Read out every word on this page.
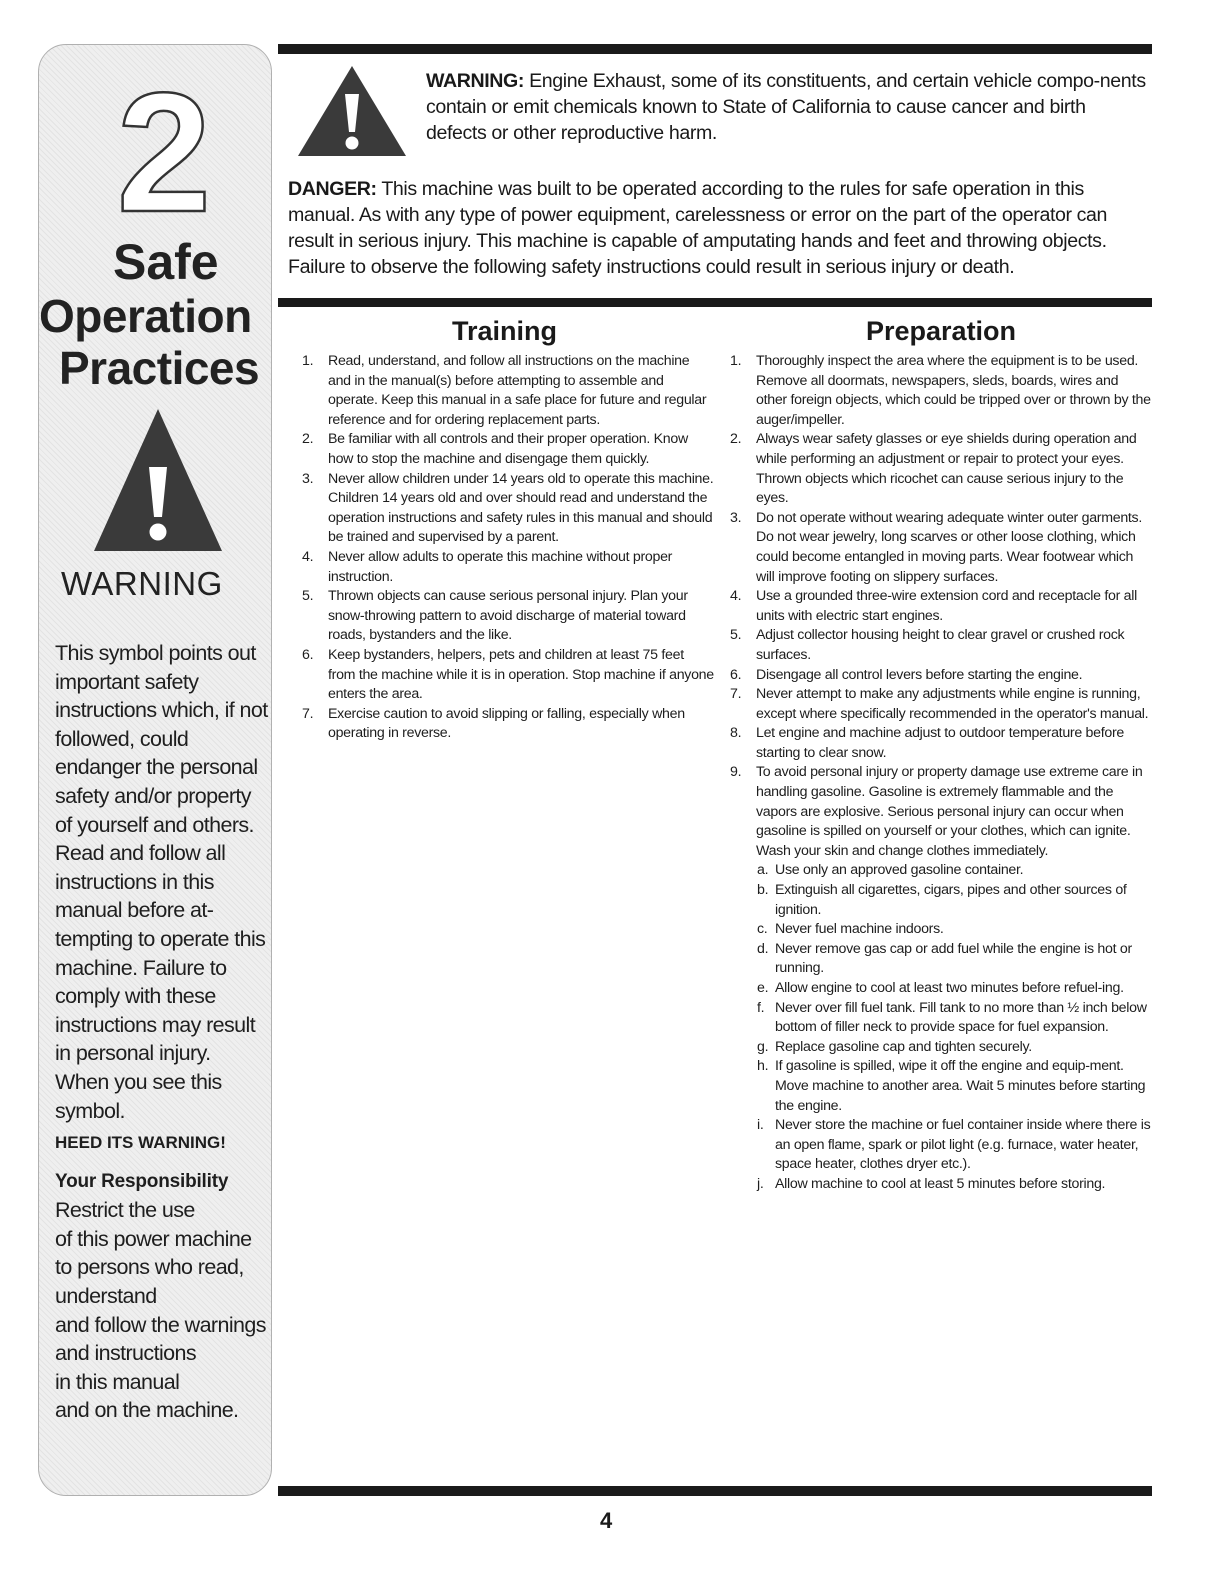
2
Safe
Operation
Practices
WARNING

This symbol points out important safety instructions which, if not followed, could endanger the personal safety and/or property of yourself and others. Read and follow all instructions in this manual before at-tempting to operate this machine. Failure to comply with these instructions may result in personal injury. When you see this symbol.

HEED ITS WARNING!

Your Responsibility

Restrict the use
of this power machine
to persons who read,
understand
and follow the warnings
and instructions
in this manual
and on the machine.

WARNING: Engine Exhaust, some of its constituents, and certain vehicle compo-nents contain or emit chemicals known to State of California to cause cancer and birth defects or other reproductive harm.
DANGER: This machine was built to be operated according to the rules for safe operation in this manual. As with any type of power equipment, carelessness or error on the part of the operator can result in serious injury. This machine is capable of amputating hands and feet and throwing objects. Failure to observe the following safety instructions could result in serious injury or death.
Training	Preparation
1. Read, understand, and follow all instructions on the machine and in the manual(s) before attempting to assemble and operate. Keep this manual in a safe place for future and regular reference and for ordering replacement parts.
2. Be familiar with all controls and their proper operation. Know how to stop the machine and disengage them quickly.
3. Never allow children under 14 years old to operate this machine. Children 14 years old and over should read and understand the operation instructions and safety rules in this manual and should be trained and supervised by a parent.
4. Never allow adults to operate this machine without proper instruction.
5. Thrown objects can cause serious personal injury. Plan your snow-throwing pattern to avoid discharge of material toward roads, bystanders and the like.
6. Keep bystanders, helpers, pets and children at least 75 feet from the machine while it is in operation. Stop machine if anyone enters the area.
7. Exercise caution to avoid slipping or falling, especially when operating in reverse.
1. Thoroughly inspect the area where the equipment is to be used. Remove all doormats, newspapers, sleds, boards, wires and other foreign objects, which could be tripped over or thrown by the auger/impeller.
2. Always wear safety glasses or eye shields during operation and while performing an adjustment or repair to protect your eyes. Thrown objects which ricochet can cause serious injury to the eyes.
3. Do not operate without wearing adequate winter outer garments. Do not wear jewelry, long scarves or other loose clothing, which could become entangled in moving parts. Wear footwear which will improve footing on slippery surfaces.
4. Use a grounded three-wire extension cord and receptacle for all units with electric start engines.
5. Adjust collector housing height to clear gravel or crushed rock surfaces.
6. Disengage all control levers before starting the engine.
7. Never attempt to make any adjustments while engine is running, except where specifically recommended in the operator's manual.
8. Let engine and machine adjust to outdoor temperature before starting to clear snow.
9. To avoid personal injury or property damage use extreme care in handling gasoline. Gasoline is extremely flammable and the vapors are explosive. Serious personal injury can occur when gasoline is spilled on yourself or your clothes, which can ignite. Wash your skin and change clothes immediately.
a. Use only an approved gasoline container.
b. Extinguish all cigarettes, cigars, pipes and other sources of ignition.
c. Never fuel machine indoors.
d. Never remove gas cap or add fuel while the engine is hot or running.
e. Allow engine to cool at least two minutes before refuel-ing.
f. Never over fill fuel tank. Fill tank to no more than ½ inch below bottom of filler neck to provide space for fuel expansion.
g. Replace gasoline cap and tighten securely.
h. If gasoline is spilled, wipe it off the engine and equip-ment. Move machine to another area. Wait 5 minutes before starting the engine.
i. Never store the machine or fuel container inside where there is an open flame, spark or pilot light (e.g. furnace, water heater, space heater, clothes dryer etc.).
j. Allow machine to cool at least 5 minutes before storing.
4
